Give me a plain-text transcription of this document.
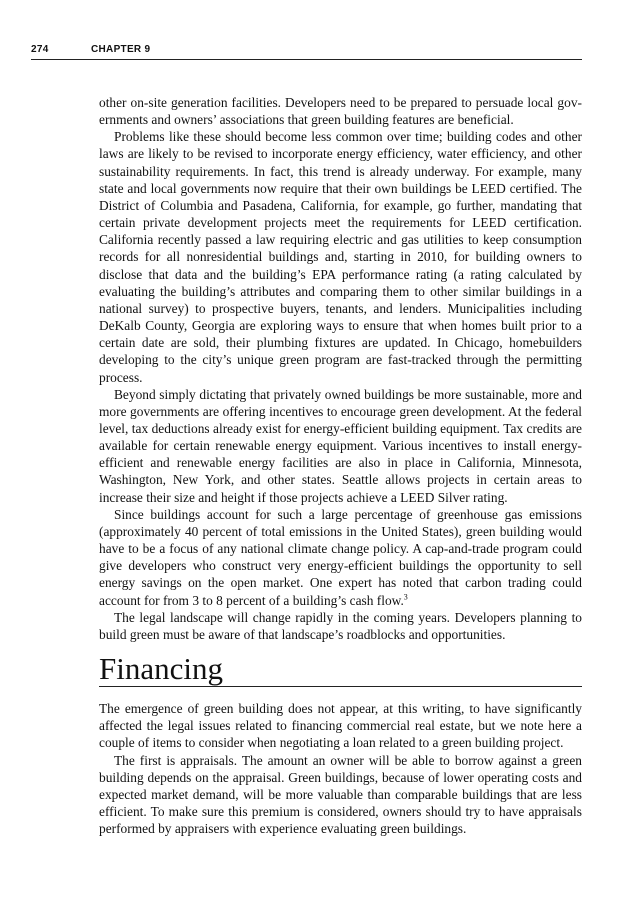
274	CHAPTER 9

other on-site generation facilities. Developers need to be prepared to persuade local governments and owners’ associations that green building features are beneficial.

Problems like these should become less common over time; building codes and other laws are likely to be revised to incorporate energy efficiency, water efficiency, and other sustainability requirements. In fact, this trend is already underway. For example, many state and local governments now require that their own buildings be LEED certified. The District of Columbia and Pasadena, California, for example, go further, mandating that certain private development projects meet the requirements for LEED certification. California recently passed a law requiring electric and gas utilities to keep consumption records for all nonresidential buildings and, starting in 2010, for building owners to disclose that data and the building’s EPA performance rating (a rating calculated by evaluating the building’s attributes and comparing them to other similar buildings in a national survey) to prospective buyers, tenants, and lenders. Municipalities including DeKalb County, Georgia are exploring ways to ensure that when homes built prior to a certain date are sold, their plumbing fixtures are updated. In Chicago, homebuilders developing to the city’s unique green program are fast-tracked through the permitting process.

Beyond simply dictating that privately owned buildings be more sustainable, more and more governments are offering incentives to encourage green development. At the federal level, tax deductions already exist for energy-efficient building equipment. Tax credits are available for certain renewable energy equipment. Various incentives to install energy-efficient and renewable energy facilities are also in place in California, Minnesota, Washington, New York, and other states. Seattle allows projects in certain areas to increase their size and height if those projects achieve a LEED Silver rating.

Since buildings account for such a large percentage of greenhouse gas emissions (approximately 40 percent of total emissions in the United States), green building would have to be a focus of any national climate change policy. A cap-and-trade program could give developers who construct very energy-efficient buildings the opportunity to sell energy savings on the open market. One expert has noted that carbon trading could account for from 3 to 8 percent of a building’s cash flow.$^3$

The legal landscape will change rapidly in the coming years. Developers planning to build green must be aware of that landscape’s roadblocks and opportunities.

Financing

The emergence of green building does not appear, at this writing, to have significantly affected the legal issues related to financing commercial real estate, but we note here a couple of items to consider when negotiating a loan related to a green building project.

The first is appraisals. The amount an owner will be able to borrow against a green building depends on the appraisal. Green buildings, because of lower operating costs and expected market demand, will be more valuable than comparable buildings that are less efficient. To make sure this premium is considered, owners should try to have appraisals performed by appraisers with experience evaluating green buildings.
